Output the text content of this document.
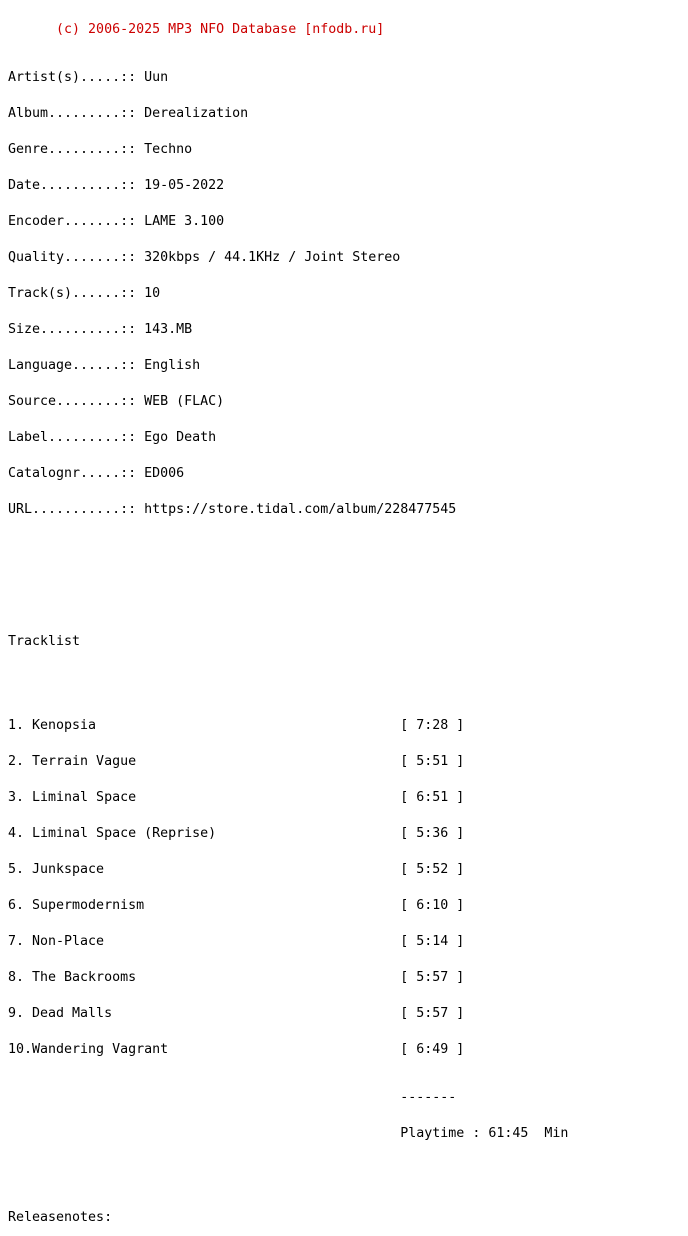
(c) 2006-2025 MP3 NFO Database [nfodb.ru]

Artist(s).....:: Uun

Album.........:: Derealization

Genre.........:: Techno

Date..........:: 19-05-2022

Encoder.......:: LAME 3.100

Quality.......:: 320kbps / 44.1KHz / Joint Stereo

Track(s)......:: 10

Size..........:: 143.MB

Language......:: English

Source........:: WEB (FLAC)

Label.........:: Ego Death

Catalognr.....:: ED006

URL...........:: https://store.tidal.com/album/228477545

Tracklist

1. Kenopsia                                      [ 7:28 ]

2. Terrain Vague                                 [ 5:51 ]

3. Liminal Space                                 [ 6:51 ]

4. Liminal Space (Reprise)                       [ 5:36 ]

5. Junkspace                                     [ 5:52 ]

6. Supermodernism                                [ 6:10 ]

7. Non-Place                                     [ 5:14 ]

8. The Backrooms                                 [ 5:57 ]

9. Dead Malls                                    [ 5:57 ]

10.Wandering Vagrant                             [ 6:49 ]

-------

Playtime : 61:45  Min

Releasenotes:
